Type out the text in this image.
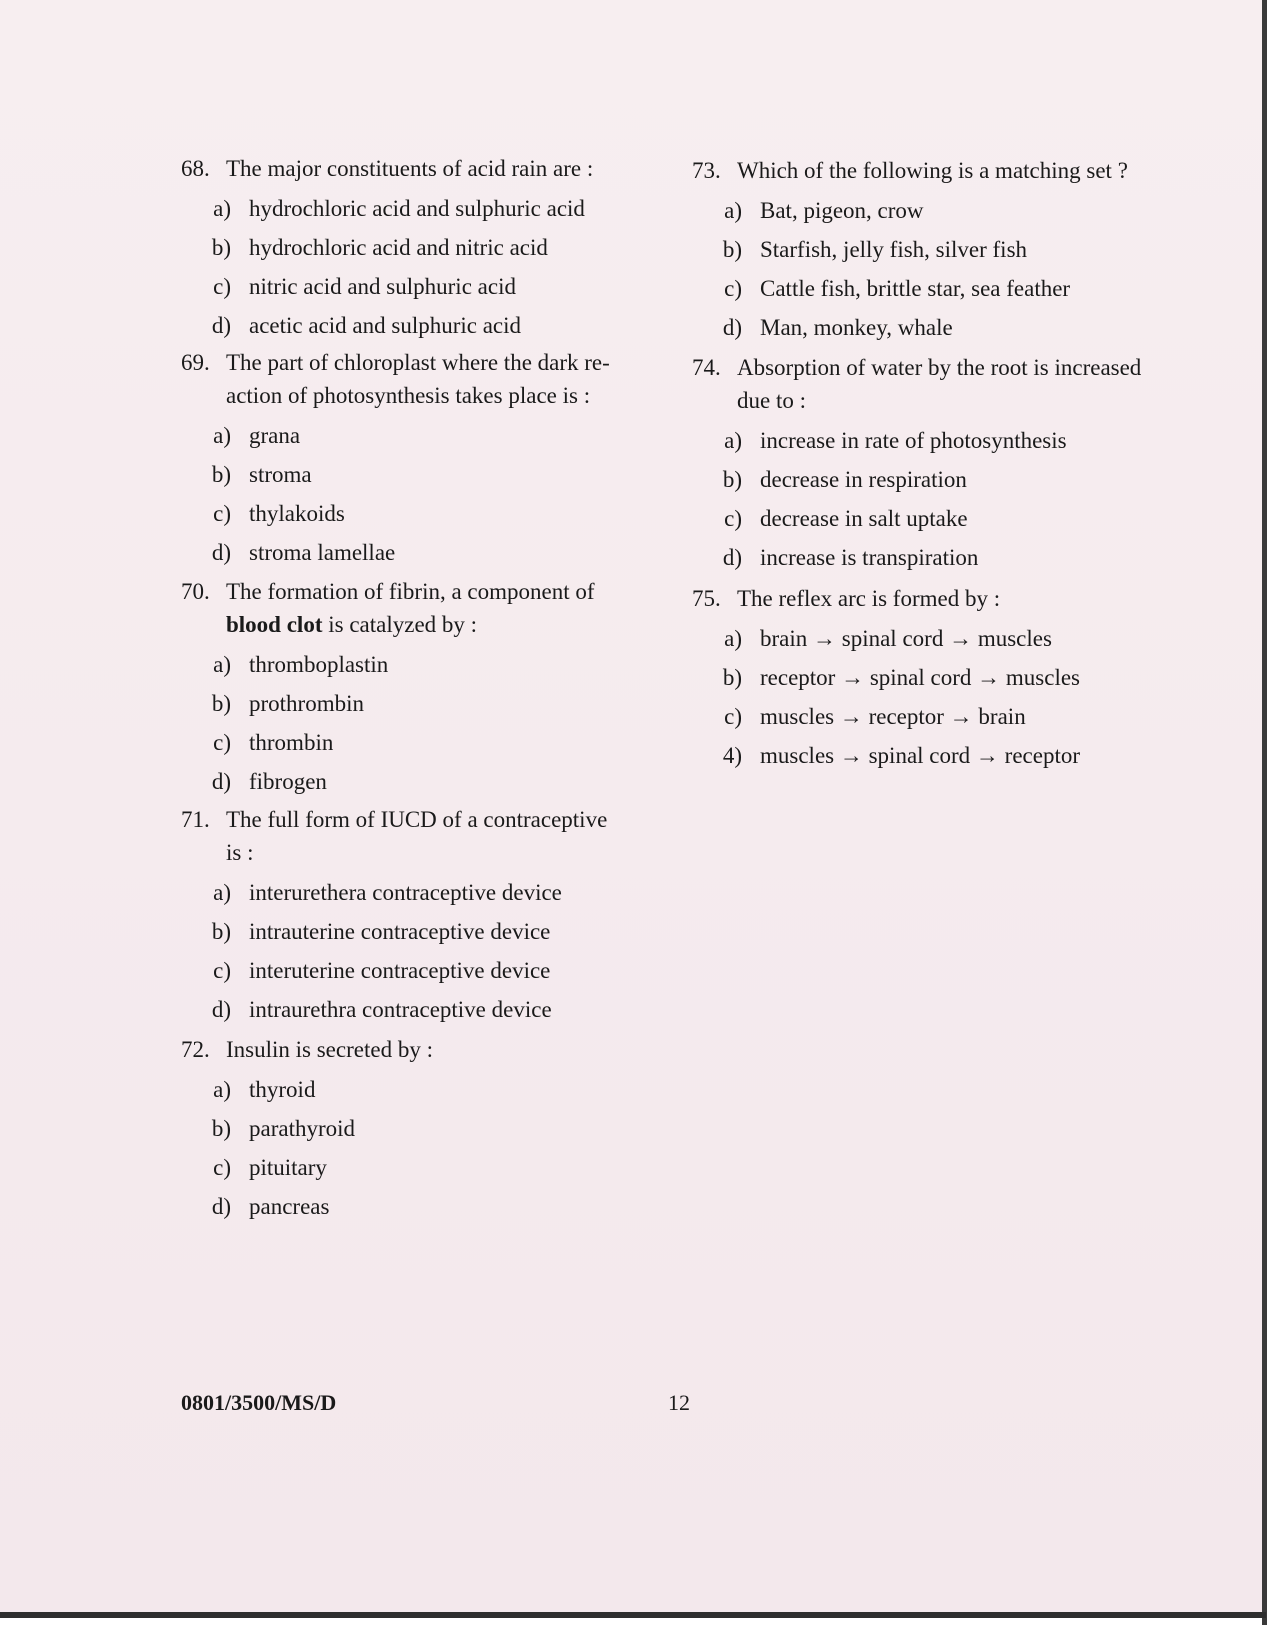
68. The major constituents of acid rain are :
a) hydrochloric acid and sulphuric acid
b) hydrochloric acid and nitric acid
c) nitric acid and sulphuric acid
d) acetic acid and sulphuric acid
69. The part of chloroplast where the dark re-
action of photosynthesis takes place is :
a) grana
b) stroma
c) thylakoids
d) stroma lamellae
70. The formation of fibrin, a component of
blood clot is catalyzed by :
a) thromboplastin
b) prothrombin
c) thrombin
d) fibrogen
71. The full form of IUCD of a contraceptive
is :
a) interurethera contraceptive device
b) intrauterine contraceptive device
c) interuterine contraceptive device
d) intraurethra contraceptive device
72. Insulin is secreted by :
a) thyroid
b) parathyroid
c) pituitary
d) pancreas
73. Which of the following is a matching set ?
a) Bat, pigeon, crow
b) Starfish, jelly fish, silver fish
c) Cattle fish, brittle star, sea feather
d) Man, monkey, whale
74. Absorption of water by the root is increased
due to :
a) increase in rate of photosynthesis
b) decrease in respiration
c) decrease in salt uptake
d) increase is transpiration
75. The reflex arc is formed by :
a) brain → spinal cord → muscles
b) receptor → spinal cord → muscles
c) muscles → receptor → brain
4) muscles → spinal cord → receptor
0801/3500/MS/D	12
